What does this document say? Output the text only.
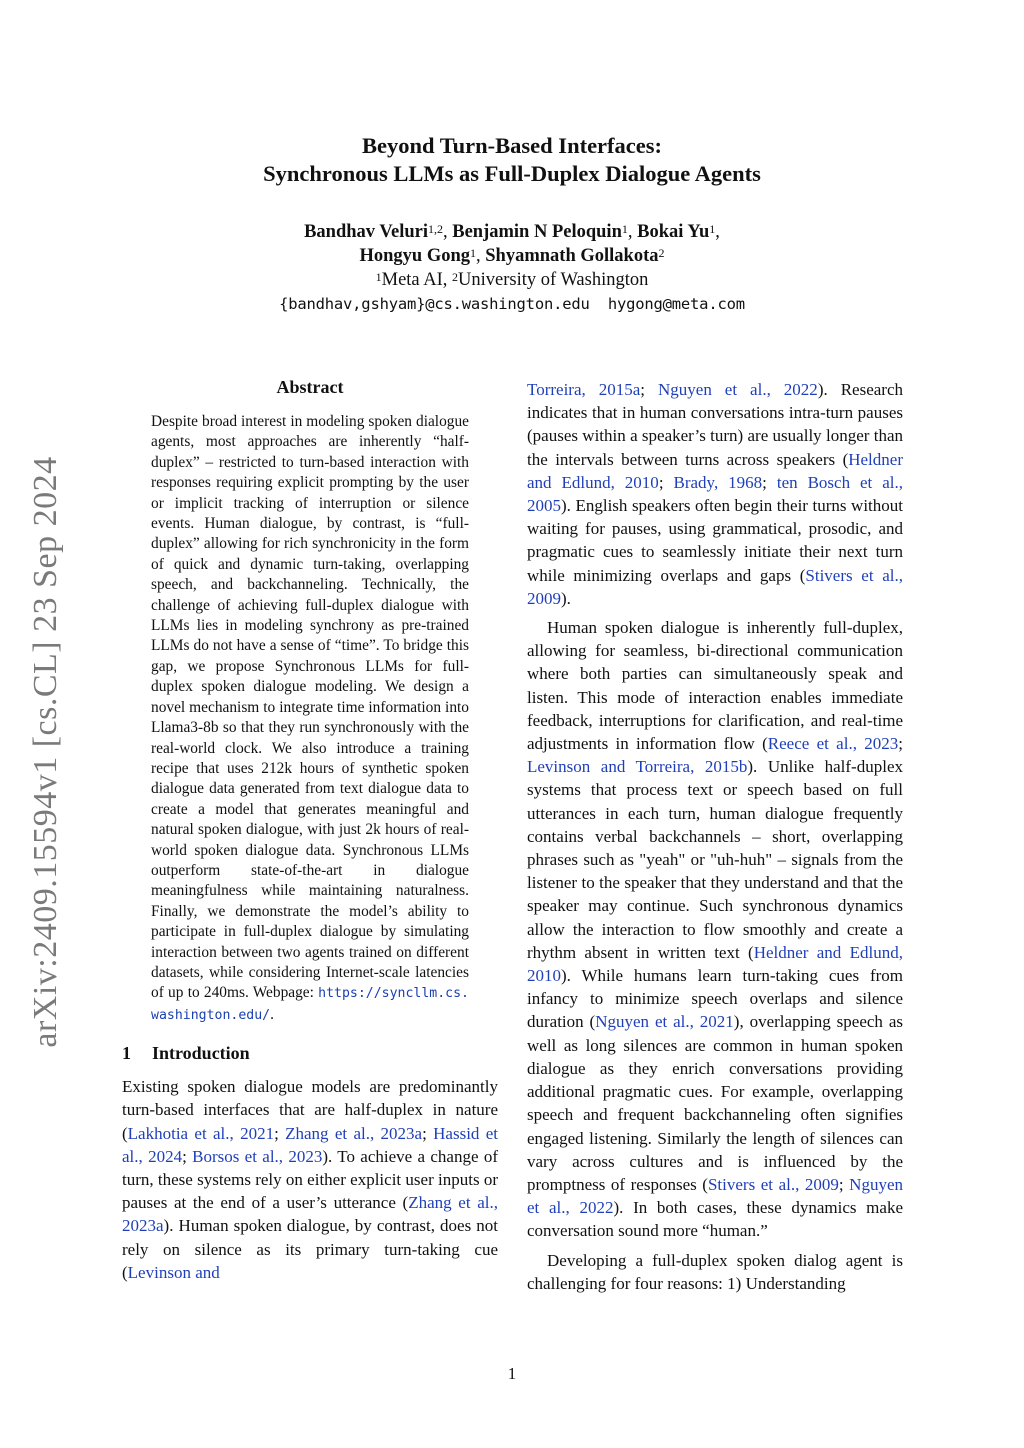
arXiv:2409.15594v1 [cs.CL] 23 Sep 2024
Beyond Turn-Based Interfaces:
Synchronous LLMs as Full-Duplex Dialogue Agents
Bandhav Veluri$^{1,2}$, Benjamin N Peloquin$^1$, Bokai Yu$^1$,
Hongyu Gong$^1$, Shyamnath Gollakota$^2$
$^1$Meta AI, $^2$University of Washington
{bandhav,gshyam}@cs.washington.edu  hygong@meta.com
Abstract

Despite broad interest in modeling spoken dialogue agents, most approaches are inherently “half-duplex” – restricted to turn-based interaction with responses requiring explicit prompting by the user or implicit tracking of interruption or silence events. Human dialogue, by contrast, is “full-duplex” allowing for rich synchronicity in the form of quick and dynamic turn-taking, overlapping speech, and backchanneling. Technically, the challenge of achieving full-duplex dialogue with LLMs lies in modeling synchrony as pre-trained LLMs do not have a sense of “time”. To bridge this gap, we propose Synchronous LLMs for full-duplex spoken dialogue modeling. We design a novel mechanism to integrate time information into Llama3-8b so that they run synchronously with the real-world clock. We also introduce a training recipe that uses 212k hours of synthetic spoken dialogue data generated from text dialogue data to create a model that generates meaningful and natural spoken dialogue, with just 2k hours of real-world spoken dialogue data. Synchronous LLMs outperform state-of-the-art in dialogue meaningfulness while maintaining naturalness. Finally, we demonstrate the model’s ability to participate in full-duplex dialogue by simulating interaction between two agents trained on different datasets, while considering Internet-scale latencies of up to 240ms. Webpage: https://syncllm.cs.washington.edu/.

1 Introduction

Existing spoken dialogue models are predominantly turn-based interfaces that are half-duplex in nature (Lakhotia et al., 2021; Zhang et al., 2023a; Hassid et al., 2024; Borsos et al., 2023). To achieve a change of turn, these systems rely on either explicit user inputs or pauses at the end of a user’s utterance (Zhang et al., 2023a). Human spoken dialogue, by contrast, does not rely on silence as its primary turn-taking cue (Levinson and

Torreira, 2015a; Nguyen et al., 2022). Research indicates that in human conversations intra-turn pauses (pauses within a speaker’s turn) are usually longer than the intervals between turns across speakers (Heldner and Edlund, 2010; Brady, 1968; ten Bosch et al., 2005). English speakers often begin their turns without waiting for pauses, using grammatical, prosodic, and pragmatic cues to seamlessly initiate their next turn while minimizing overlaps and gaps (Stivers et al., 2009).

Human spoken dialogue is inherently full-duplex, allowing for seamless, bi-directional communication where both parties can simultaneously speak and listen. This mode of interaction enables immediate feedback, interruptions for clarification, and real-time adjustments in information flow (Reece et al., 2023; Levinson and Torreira, 2015b). Unlike half-duplex systems that process text or speech based on full utterances in each turn, human dialogue frequently contains verbal backchannels – short, overlapping phrases such as "yeah" or "uh-huh" – signals from the listener to the speaker that they understand and that the speaker may continue. Such synchronous dynamics allow the interaction to flow smoothly and create a rhythm absent in written text (Heldner and Edlund, 2010). While humans learn turn-taking cues from infancy to minimize speech overlaps and silence duration (Nguyen et al., 2021), overlapping speech as well as long silences are common in human spoken dialogue as they enrich conversations providing additional pragmatic cues. For example, overlapping speech and frequent backchanneling often signifies engaged listening. Similarly the length of silences can vary across cultures and is influenced by the promptness of responses (Stivers et al., 2009; Nguyen et al., 2022). In both cases, these dynamics make conversation sound more “human.”

Developing a full-duplex spoken dialog agent is challenging for four reasons: 1) Understanding

1
